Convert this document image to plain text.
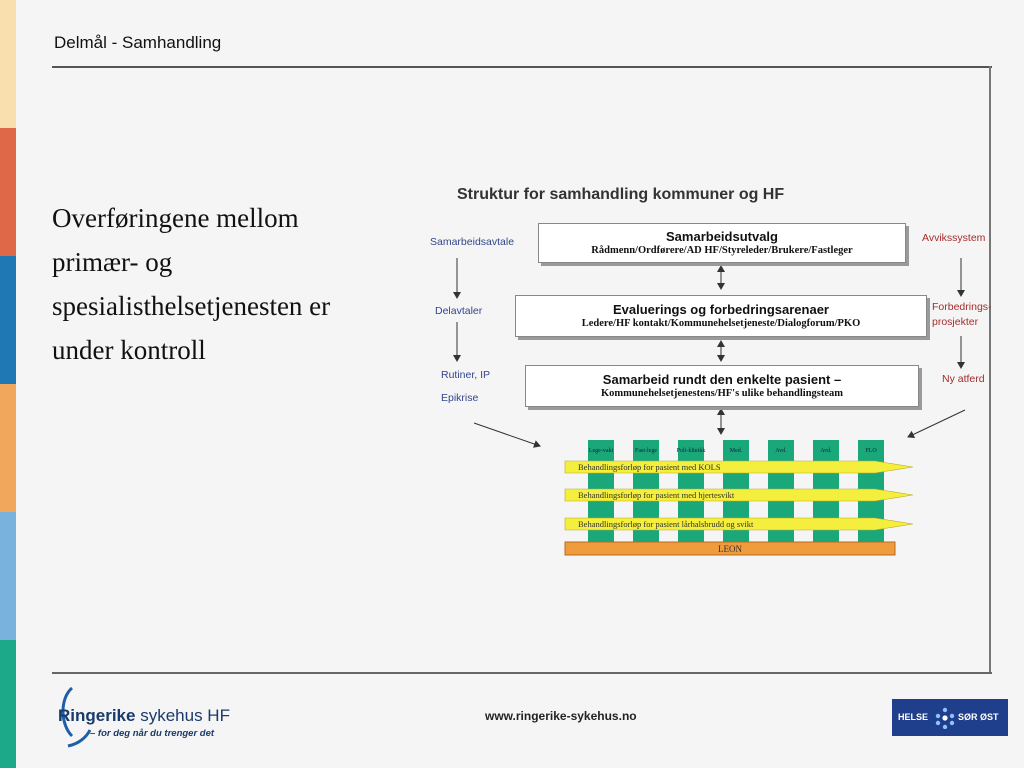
Delmål - Samhandling
Overføringene mellom
primær- og
spesialisthelsetjenesten er
under kontroll
Lege-vakt	Fast-lege	Poli-klinikk	Med.	Avd.	Avd.	PLO
Behandlingsforløp for pasient med KOLS
Behandlingsforløp for pasient med hjertesvikt
Behandlingsforløp for pasient lårhalsbrudd og svikt
LEON
Struktur for samhandling kommuner og HF
Samarbeidsutvalg
Rådmenn/Ordførere/AD HF/Styreleder/Brukere/Fastleger
Evaluerings og forbedringsarenaer
Ledere/HF kontakt/Kommunehelsetjeneste/Dialogforum/PKO
Samarbeid rundt den enkelte pasient –
Kommunehelsetjenestens/HF's ulike behandlingsteam
Samarbeidsavtale
Delavtaler
Rutiner, IP
Epikrise
Avvikssystem
Forbedrings-
prosjekter
Ny atferd
Ringerike sykehus HF
– for deg når du trenger det
www.ringerike-sykehus.no	HELSE	SØR ØST
